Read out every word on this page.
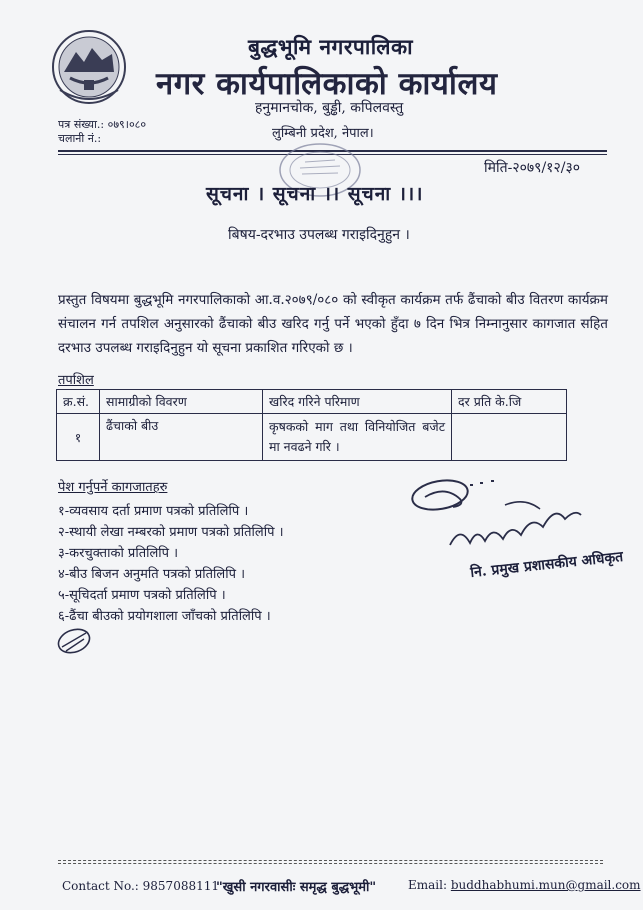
बुद्धभूमि नगरपालिका
नगर कार्यपालिकाको कार्यालय
हनुमानचोक, बुड्ढी, कपिलवस्तु
लुम्बिनी प्रदेश, नेपाल।
पत्र संख्या.: ०७९।०८०
चलानी नं.:
मिति-२०७९/१२/३०
सूचना । सूचना ।। सूचना ।।।
बिषय-दरभाउ उपलब्ध गराइदिनुहुन ।
प्रस्तुत विषयमा बुद्धभूमि नगरपालिकाको आ.व.२०७९/०८० को स्वीकृत कार्यक्रम तर्फ ढैंचाको बीउ वितरण कार्यक्रम संचालन गर्न तपशिल अनुसारको ढैंचाको बीउ खरिद गर्नु पर्ने भएको हुँदा ७ दिन भित्र निम्नानुसार कागजात सहित दरभाउ उपलब्ध गराइदिनुहुन यो सूचना प्रकाशित गरिएको छ ।
तपशिल
क्र.सं.	सामाग्रीको विवरण	खरिद गरिने परिमाण	दर प्रति के.जि
१	ढैंचाको बीउ	कृषकको माग तथा विनियोजित बजेट मा नवढने गरि ।	
पेश गर्नुपर्ने कागजातहरु
१-व्यवसाय दर्ता प्रमाण पत्रको प्रतिलिपि ।
२-स्थायी लेखा नम्बरको प्रमाण पत्रको प्रतिलिपि ।
३-करचुक्ताको प्रतिलिपि ।
४-बीउ बिजन अनुमति पत्रको प्रतिलिपि ।
५-सूचिदर्ता प्रमाण पत्रको प्रतिलिपि ।
६-ढैंचा बीउको प्रयोगशाला जाँचको प्रतिलिपि ।
नि. प्रमुख प्रशासकीय अधिकृत
Contact No.: 9857088111
"खुसी नगरवासीः समृद्ध बुद्धभूमी"	Email: buddhabhumi.mun@gmail.com
